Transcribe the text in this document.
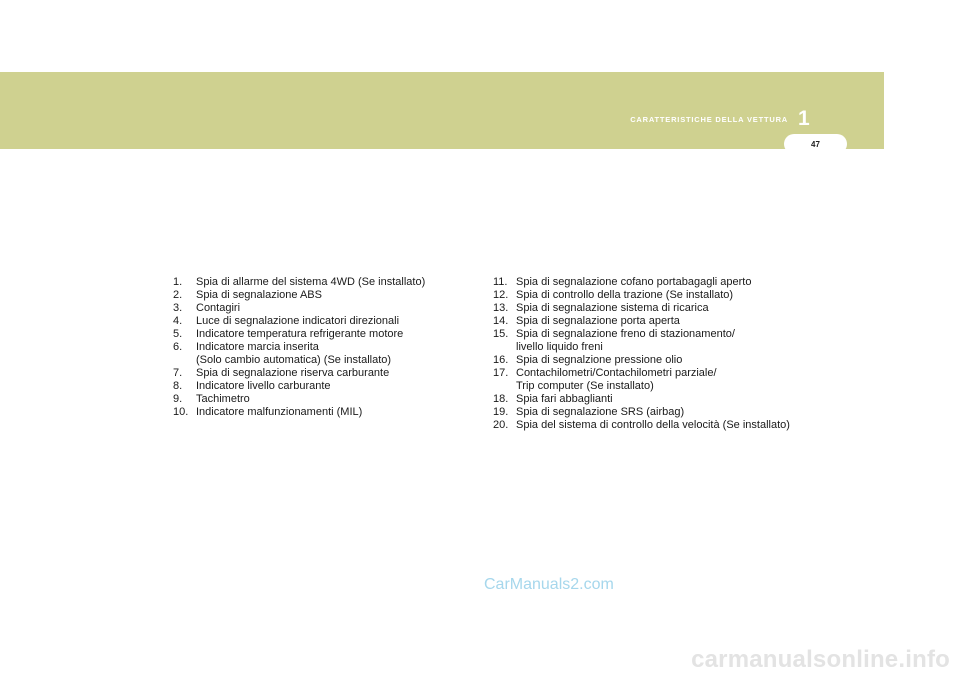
CARATTERISTICHE DELLA VETTURA 1
47
1.	Spia di allarme del sistema 4WD (Se installato)
2.	Spia di segnalazione ABS
3.	Contagiri
4.	Luce di segnalazione indicatori direzionali
5.	Indicatore temperatura refrigerante motore
6.	Indicatore marcia inserita
(Solo cambio automatica) (Se installato)
7.	Spia di segnalazione riserva carburante
8.	Indicatore livello carburante
9.	Tachimetro
10. Indicatore malfunzionamenti (MIL)
11. Spia di segnalazione cofano portabagagli aperto
12. Spia di controllo della trazione (Se installato)
13. Spia di segnalazione sistema di ricarica
14. Spia di segnalazione porta aperta
15. Spia di segnalazione freno di stazionamento/
livello liquido freni
16. Spia di segnalzione pressione olio
17. Contachilometri/Contachilometri parziale/
Trip computer (Se installato)
18. Spia fari abbaglianti
19. Spia di segnalazione SRS (airbag)
20. Spia del sistema di controllo della velocità (Se installato)
CarManuals2.com
carmanualsonline.info
